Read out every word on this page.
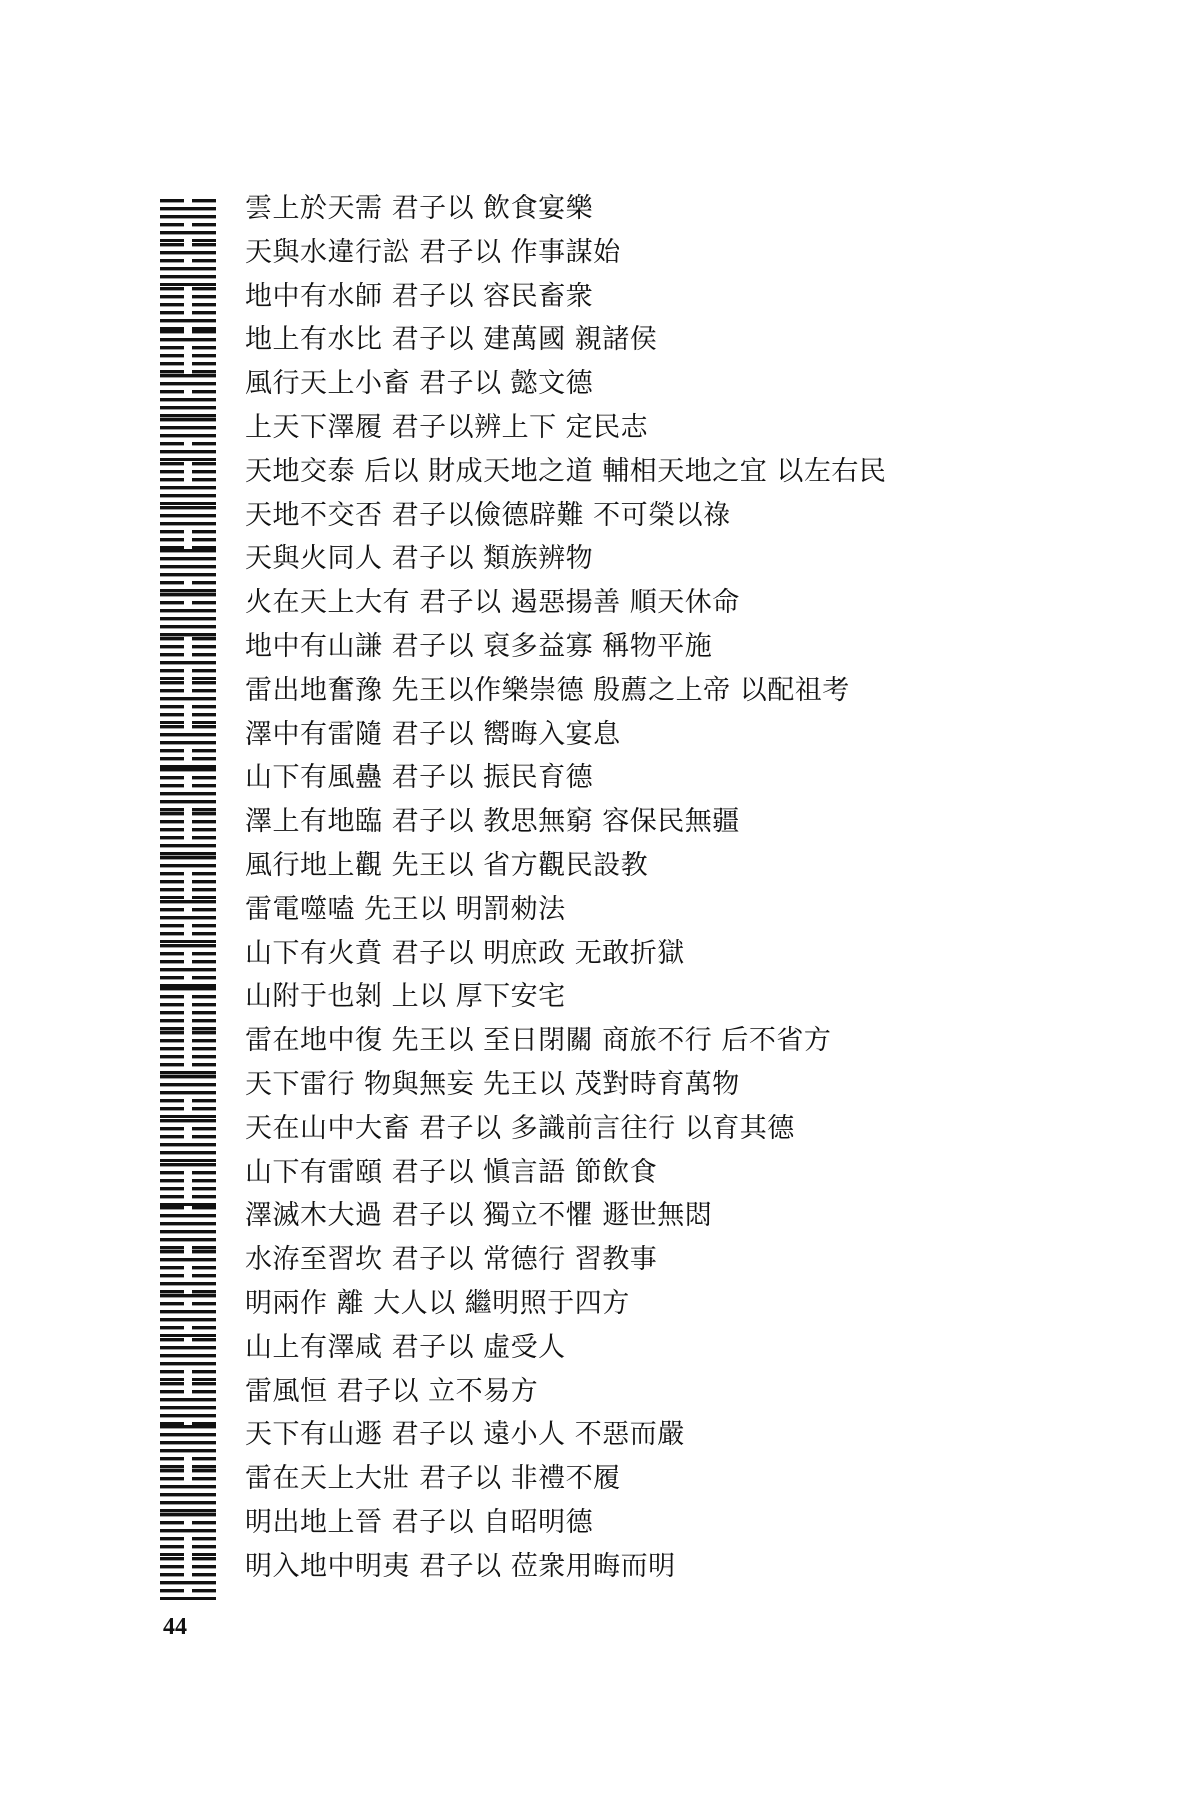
雲上於天需 君子以 飲食宴樂
天與水違行訟 君子以 作事謀始
地中有水師 君子以 容民畜衆
地上有水比 君子以 建萬國 親諸侯
風行天上小畜 君子以 懿文德
上天下澤履 君子以辨上下 定民志
天地交泰 后以 財成天地之道 輔相天地之宜 以左右民
天地不交否 君子以儉德辟難 不可榮以祿
天與火同人 君子以 類族辨物
火在天上大有 君子以 遏惡揚善 順天休命
地中有山謙 君子以 裒多益寡 稱物平施
雷出地奮豫 先王以作樂崇德 殷薦之上帝 以配祖考
澤中有雷隨 君子以 嚮晦入宴息
山下有風蠱 君子以 振民育德
澤上有地臨 君子以 教思無窮 容保民無疆
風行地上觀 先王以 省方觀民設教
雷電噬嗑 先王以 明罰勑法
山下有火賁 君子以 明庶政 无敢折獄
山附于也剝 上以 厚下安宅
雷在地中復 先王以 至日閉關 商旅不行 后不省方
天下雷行 物與無妄 先王以 茂對時育萬物
天在山中大畜 君子以 多識前言往行 以育其德
山下有雷頤 君子以 愼言語 節飲食
澤滅木大過 君子以 獨立不懼 遯世無悶
水洊至習坎 君子以 常德行 習教事
明兩作 離 大人以 繼明照于四方
山上有澤咸 君子以 虛受人
雷風恒 君子以 立不易方
天下有山遯 君子以 遠小人 不惡而嚴
雷在天上大壯 君子以 非禮不履
明出地上晉 君子以 自昭明德
明入地中明夷 君子以 莅衆用晦而明
44
